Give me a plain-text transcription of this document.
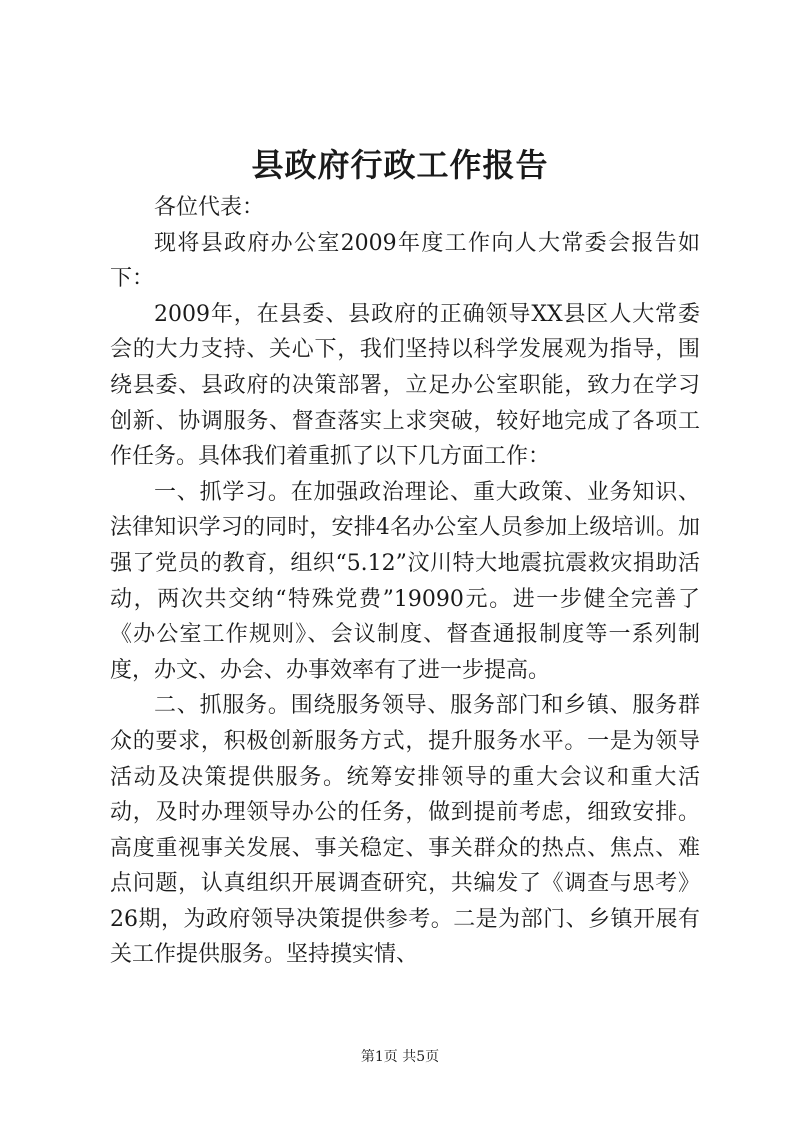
县政府行政工作报告

各位代表：

现将县政府办公室2009年度工作向人大常委会报告如下：

2009年，在县委、县政府的正确领导XX县区人大常委会的大力支持、关心下，我们坚持以科学发展观为指导，围绕县委、县政府的决策部署，立足办公室职能，致力在学习创新、协调服务、督查落实上求突破，较好地完成了各项工作任务。具体我们着重抓了以下几方面工作：

一、抓学习。在加强政治理论、重大政策、业务知识、法律知识学习的同时，安排4名办公室人员参加上级培训。加强了党员的教育，组织“5.12”汶川特大地震抗震救灾捐助活动，两次共交纳“特殊党费”19090元。进一步健全完善了《办公室工作规则》、会议制度、督查通报制度等一系列制度，办文、办会、办事效率有了进一步提高。

二、抓服务。围绕服务领导、服务部门和乡镇、服务群众的要求，积极创新服务方式，提升服务水平。一是为领导活动及决策提供服务。统筹安排领导的重大会议和重大活动，及时办理领导办公的任务，做到提前考虑，细致安排。高度重视事关发展、事关稳定、事关群众的热点、焦点、难点问题，认真组织开展调查研究，共编发了《调查与思考》26期，为政府领导决策提供参考。二是为部门、乡镇开展有关工作提供服务。坚持摸实情、

第1页 共5页
